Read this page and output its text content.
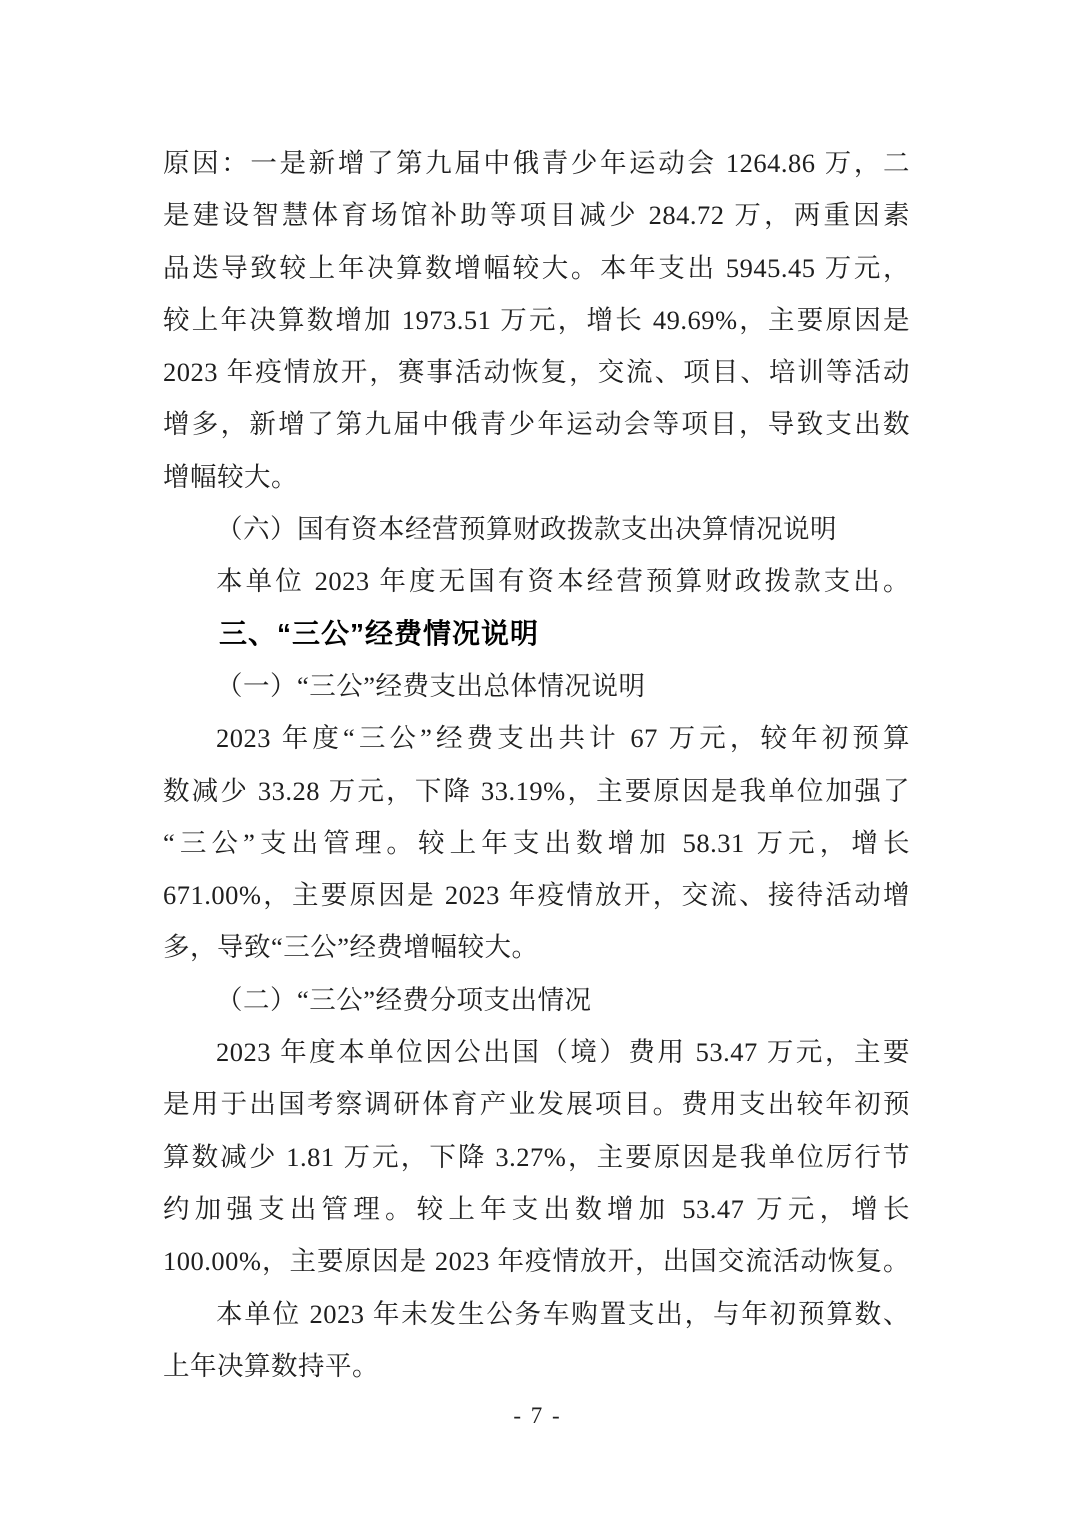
原因：一是新增了第九届中俄青少年运动会 1264.86 万，二
是建设智慧体育场馆补助等项目减少 284.72 万，两重因素
品迭导致较上年决算数增幅较大。本年支出 5945.45 万元，
较上年决算数增加 1973.51 万元，增长 49.69%，主要原因是
2023 年疫情放开，赛事活动恢复，交流、项目、培训等活动
增多，新增了第九届中俄青少年运动会等项目，导致支出数
增幅较大。
（六）国有资本经营预算财政拨款支出决算情况说明
本单位 2023 年度无国有资本经营预算财政拨款支出。
三、“三公”经费情况说明
（一）“三公”经费支出总体情况说明
2023 年度“三公”经费支出共计 67 万元，较年初预算
数减少 33.28 万元，下降 33.19%，主要原因是我单位加强了
“三公”支出管理。较上年支出数增加 58.31 万元，增长
671.00%，主要原因是 2023 年疫情放开，交流、接待活动增
多，导致“三公”经费增幅较大。
（二）“三公”经费分项支出情况
2023 年度本单位因公出国（境）费用 53.47 万元，主要
是用于出国考察调研体育产业发展项目。费用支出较年初预
算数减少 1.81 万元，下降 3.27%，主要原因是我单位厉行节
约加强支出管理。较上年支出数增加 53.47 万元，增长
100.00%，主要原因是 2023 年疫情放开，出国交流活动恢复。
本单位 2023 年未发生公务车购置支出，与年初预算数、
上年决算数持平。
- 7 -
